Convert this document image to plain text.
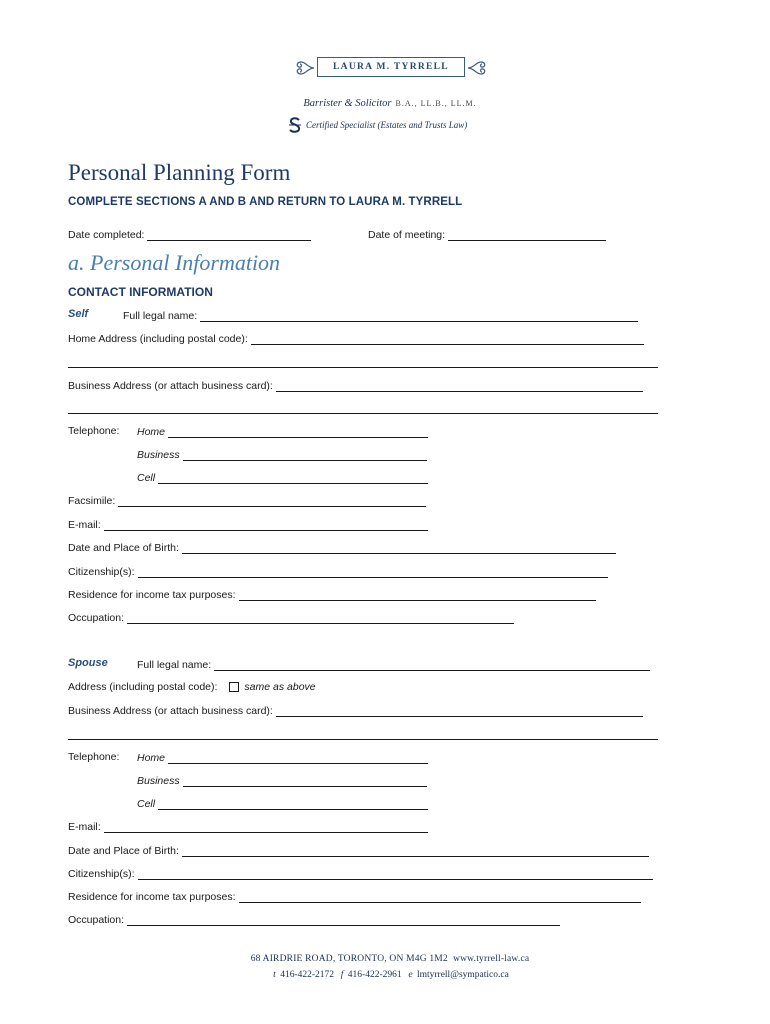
LAURA M. TYRRELL
Barrister & Solicitor B.A., LL.B., LL.M.
Certified Specialist (Estates and Trusts Law)
Personal Planning Form
COMPLETE SECTIONS A AND B AND RETURN TO LAURA M. TYRRELL
Date completed:	Date of meeting:
a. Personal Information
CONTACT INFORMATION
Self	Full legal name:
Home Address (including postal code):
Business Address (or attach business card):
Telephone: Home
Business
Cell
Facsimile:
E-mail:
Date and Place of Birth:
Citizenship(s):
Residence for income tax purposes:
Occupation:
Spouse	Full legal name:
Address (including postal code):	same as above
Business Address (or attach business card):
Telephone: Home
Business
Cell
E-mail:
Date and Place of Birth:
Citizenship(s):
Residence for income tax purposes:
Occupation:
68 AIRDRIE ROAD, TORONTO, ON M4G 1M2 www.tyrrell-law.ca
t 416-422-2172 f 416-422-2961 e lmtyrrell@sympatico.ca
